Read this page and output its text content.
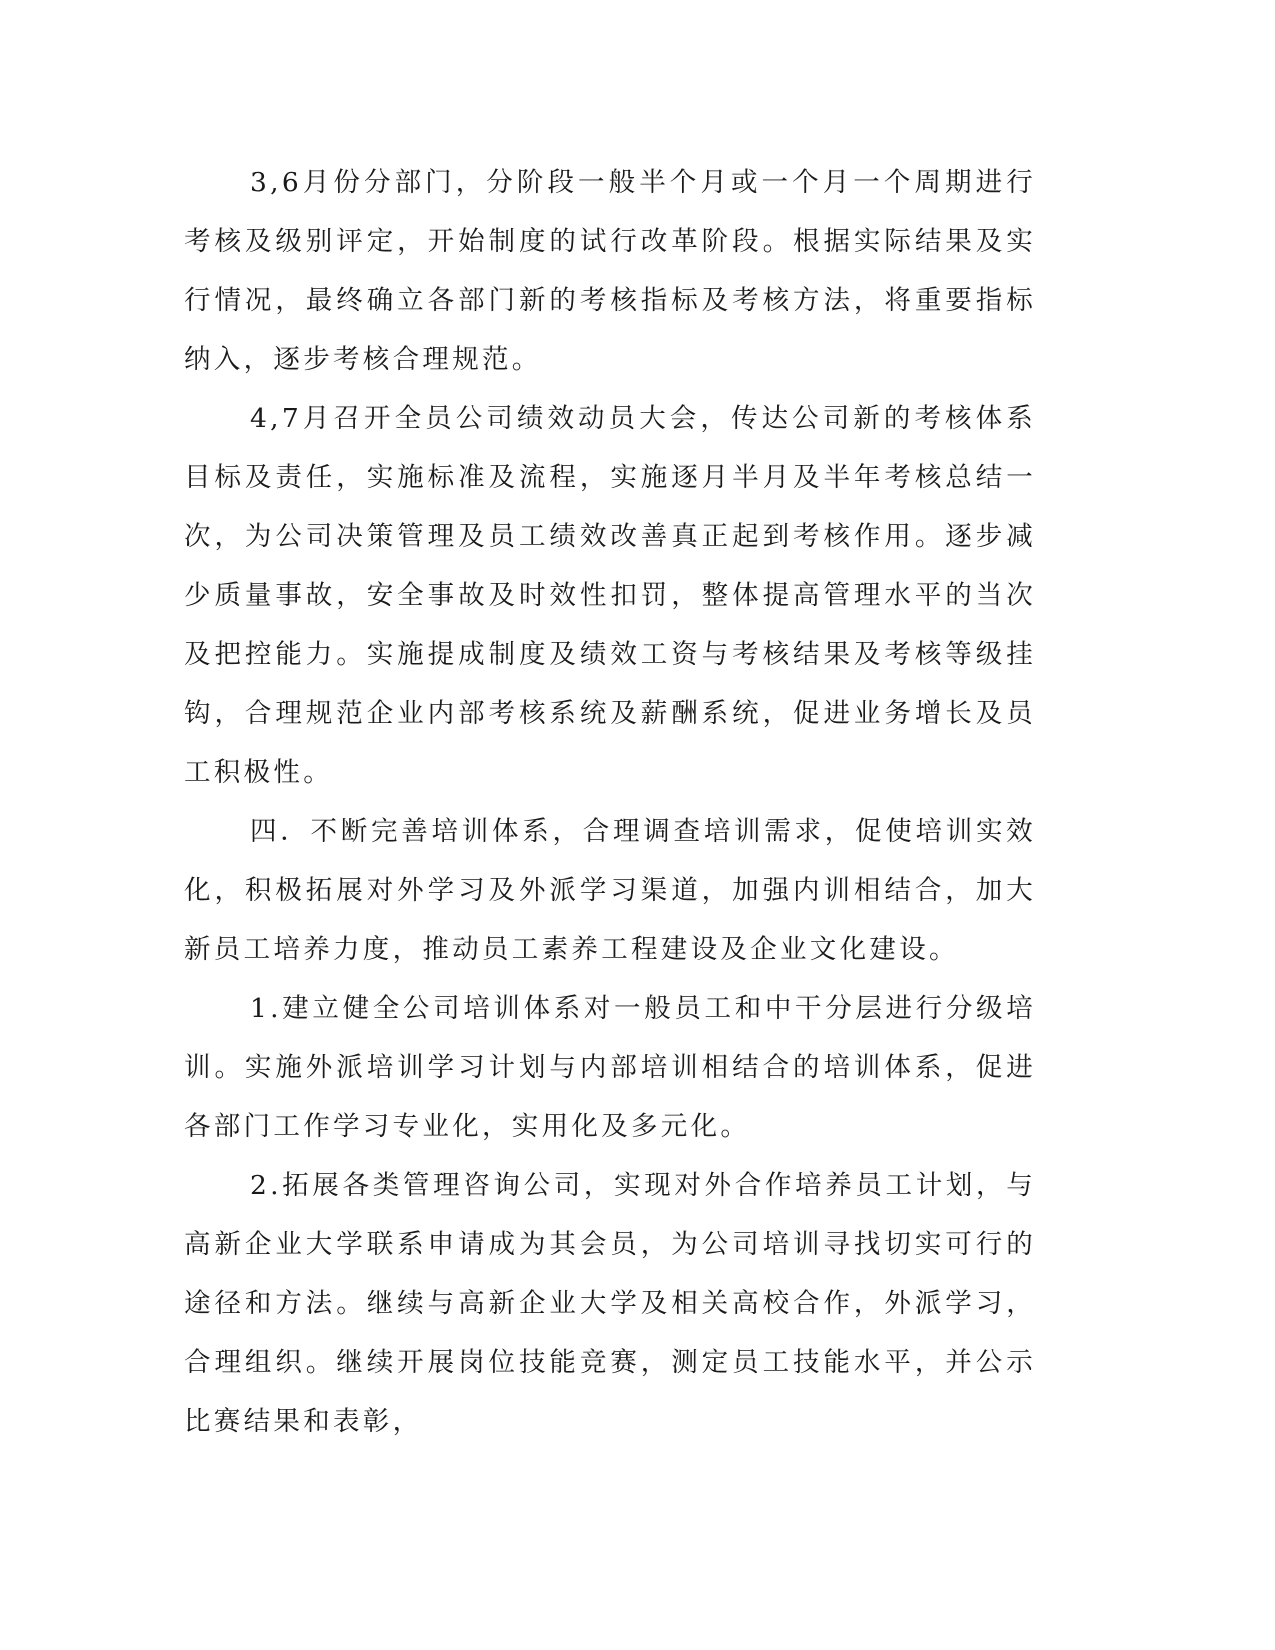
3,6月份分部门，分阶段一般半个月或一个月一个周期进行考核及级别评定，开始制度的试行改革阶段。根据实际结果及实行情况，最终确立各部门新的考核指标及考核方法，将重要指标纳入，逐步考核合理规范。

4,7月召开全员公司绩效动员大会，传达公司新的考核体系目标及责任，实施标准及流程，实施逐月半月及半年考核总结一次，为公司决策管理及员工绩效改善真正起到考核作用。逐步减少质量事故，安全事故及时效性扣罚，整体提高管理水平的当次及把控能力。实施提成制度及绩效工资与考核结果及考核等级挂钩，合理规范企业内部考核系统及薪酬系统，促进业务增长及员工积极性。

四．不断完善培训体系，合理调查培训需求，促使培训实效化，积极拓展对外学习及外派学习渠道，加强内训相结合，加大新员工培养力度，推动员工素养工程建设及企业文化建设。

1.建立健全公司培训体系对一般员工和中干分层进行分级培训。实施外派培训学习计划与内部培训相结合的培训体系，促进各部门工作学习专业化，实用化及多元化。

2.拓展各类管理咨询公司，实现对外合作培养员工计划，与高新企业大学联系申请成为其会员，为公司培训寻找切实可行的途径和方法。继续与高新企业大学及相关高校合作，外派学习，合理组织。继续开展岗位技能竞赛，测定员工技能水平，并公示比赛结果和表彰，
